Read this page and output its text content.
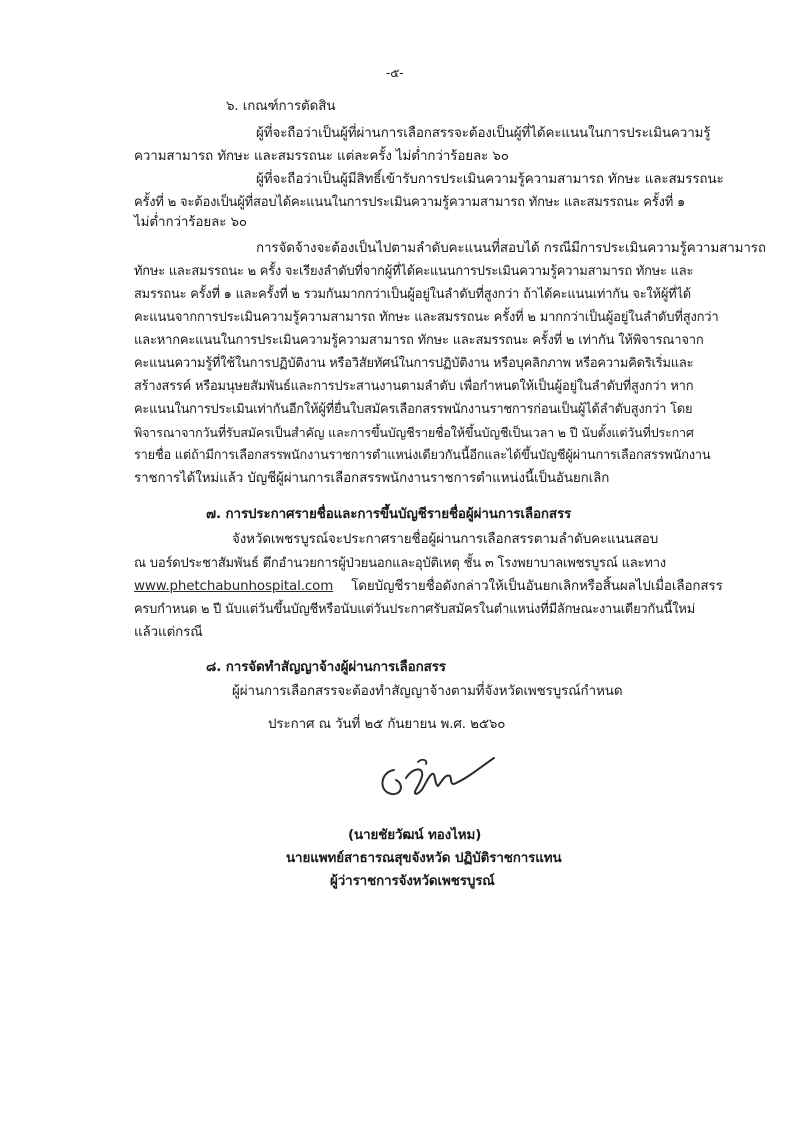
-๕-
๖. เกณฑ์การตัดสิน
ผู้ที่จะถือว่าเป็นผู้ที่ผ่านการเลือกสรรจะต้องเป็นผู้ที่ได้คะแนนในการประเมินความรู้
ความสามารถ ทักษะ และสมรรถนะ แต่ละครั้ง ไม่ต่ำกว่าร้อยละ ๖๐
ผู้ที่จะถือว่าเป็นผู้มีสิทธิ์เข้ารับการประเมินความรู้ความสามารถ ทักษะ และสมรรถนะ
ครั้งที่ ๒ จะต้องเป็นผู้ที่สอบได้คะแนนในการประเมินความรู้ความสามารถ ทักษะ และสมรรถนะ ครั้งที่ ๑
ไม่ต่ำกว่าร้อยละ ๖๐
การจัดจ้างจะต้องเป็นไปตามลำดับคะแนนที่สอบได้ กรณีมีการประเมินความรู้ความสามารถ
ทักษะ และสมรรถนะ ๒ ครั้ง จะเรียงลำดับที่จากผู้ที่ได้คะแนนการประเมินความรู้ความสามารถ ทักษะ และ
สมรรถนะ ครั้งที่ ๑ และครั้งที่ ๒ รวมกันมากกว่าเป็นผู้อยู่ในลำดับที่สูงกว่า ถ้าได้คะแนนเท่ากัน จะให้ผู้ที่ได้
คะแนนจากการประเมินความรู้ความสามารถ ทักษะ และสมรรถนะ ครั้งที่ ๒ มากกว่าเป็นผู้อยู่ในลำดับที่สูงกว่า
และหากคะแนนในการประเมินความรู้ความสามารถ ทักษะ และสมรรถนะ ครั้งที่ ๒ เท่ากัน ให้พิจารณาจาก
คะแนนความรู้ที่ใช้ในการปฏิบัติงาน หรือวิสัยทัศน์ในการปฏิบัติงาน หรือบุคลิกภาพ หรือความคิดริเริ่มและ
สร้างสรรค์ หรือมนุษยสัมพันธ์และการประสานงานตามลำดับ เพื่อกำหนดให้เป็นผู้อยู่ในลำดับที่สูงกว่า หาก
คะแนนในการประเมินเท่ากันอีกให้ผู้ที่ยื่นใบสมัครเลือกสรรพนักงานราชการก่อนเป็นผู้ได้ลำดับสูงกว่า โดย
พิจารณาจากวันที่รับสมัครเป็นสำคัญ และการขึ้นบัญชีรายชื่อให้ขึ้นบัญชีเป็นเวลา ๒ ปี นับตั้งแต่วันที่ประกาศ
รายชื่อ แต่ถ้ามีการเลือกสรรพนักงานราชการตำแหน่งเดียวกันนี้อีกและได้ขึ้นบัญชีผู้ผ่านการเลือกสรรพนักงาน
ราชการได้ใหม่แล้ว บัญชีผู้ผ่านการเลือกสรรพนักงานราชการตำแหน่งนี้เป็นอันยกเลิก
๗. การประกาศรายชื่อและการขึ้นบัญชีรายชื่อผู้ผ่านการเลือกสรร
จังหวัดเพชรบูรณ์จะประกาศรายชื่อผู้ผ่านการเลือกสรรตามลำดับคะแนนสอบ
ณ บอร์ดประชาสัมพันธ์ ตึกอำนวยการผู้ป่วยนอกและอุบัติเหตุ ชั้น ๓ โรงพยาบาลเพชรบูรณ์ และทาง
www.phetchabunhospital.com โดยบัญชีรายชื่อดังกล่าวให้เป็นอันยกเลิกหรือสิ้นผลไปเมื่อเลือกสรร
ครบกำหนด ๒ ปี นับแต่วันขึ้นบัญชีหรือนับแต่วันประกาศรับสมัครในตำแหน่งที่มีลักษณะงานเดียวกันนี้ใหม่
แล้วแต่กรณี
๘. การจัดทำสัญญาจ้างผู้ผ่านการเลือกสรร
ผู้ผ่านการเลือกสรรจะต้องทำสัญญาจ้างตามที่จังหวัดเพชรบูรณ์กำหนด
ประกาศ ณ วันที่ ๒๕ กันยายน พ.ศ. ๒๕๖๐
(นายชัยวัฒน์ ทองไหม)
นายแพทย์สาธารณสุขจังหวัด ปฏิบัติราชการแทน
ผู้ว่าราชการจังหวัดเพชรบูรณ์
